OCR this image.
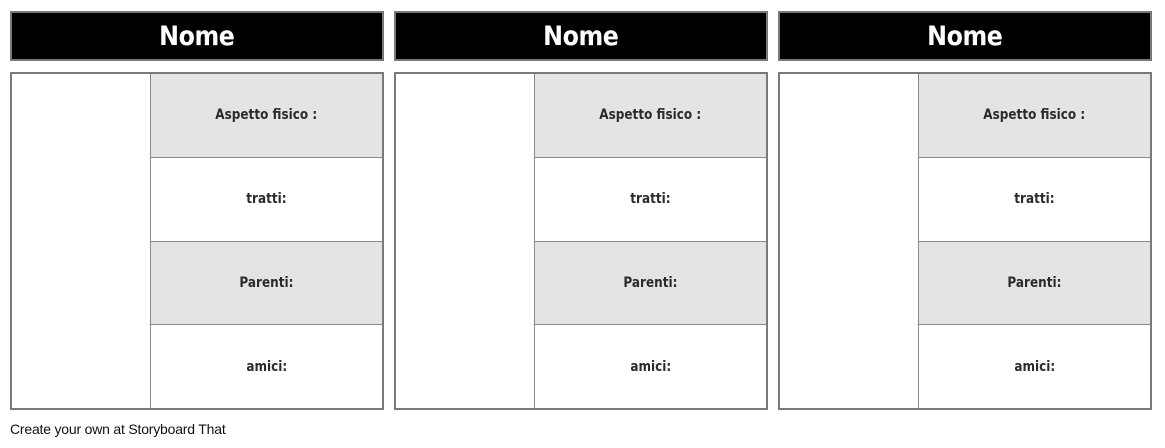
Nome
Aspetto fisico :
tratti:
Parenti:
amici:
Nome
Aspetto fisico :
tratti:
Parenti:
amici:
Nome
Aspetto fisico :
tratti:
Parenti:
amici:
Create your own at Storyboard That
